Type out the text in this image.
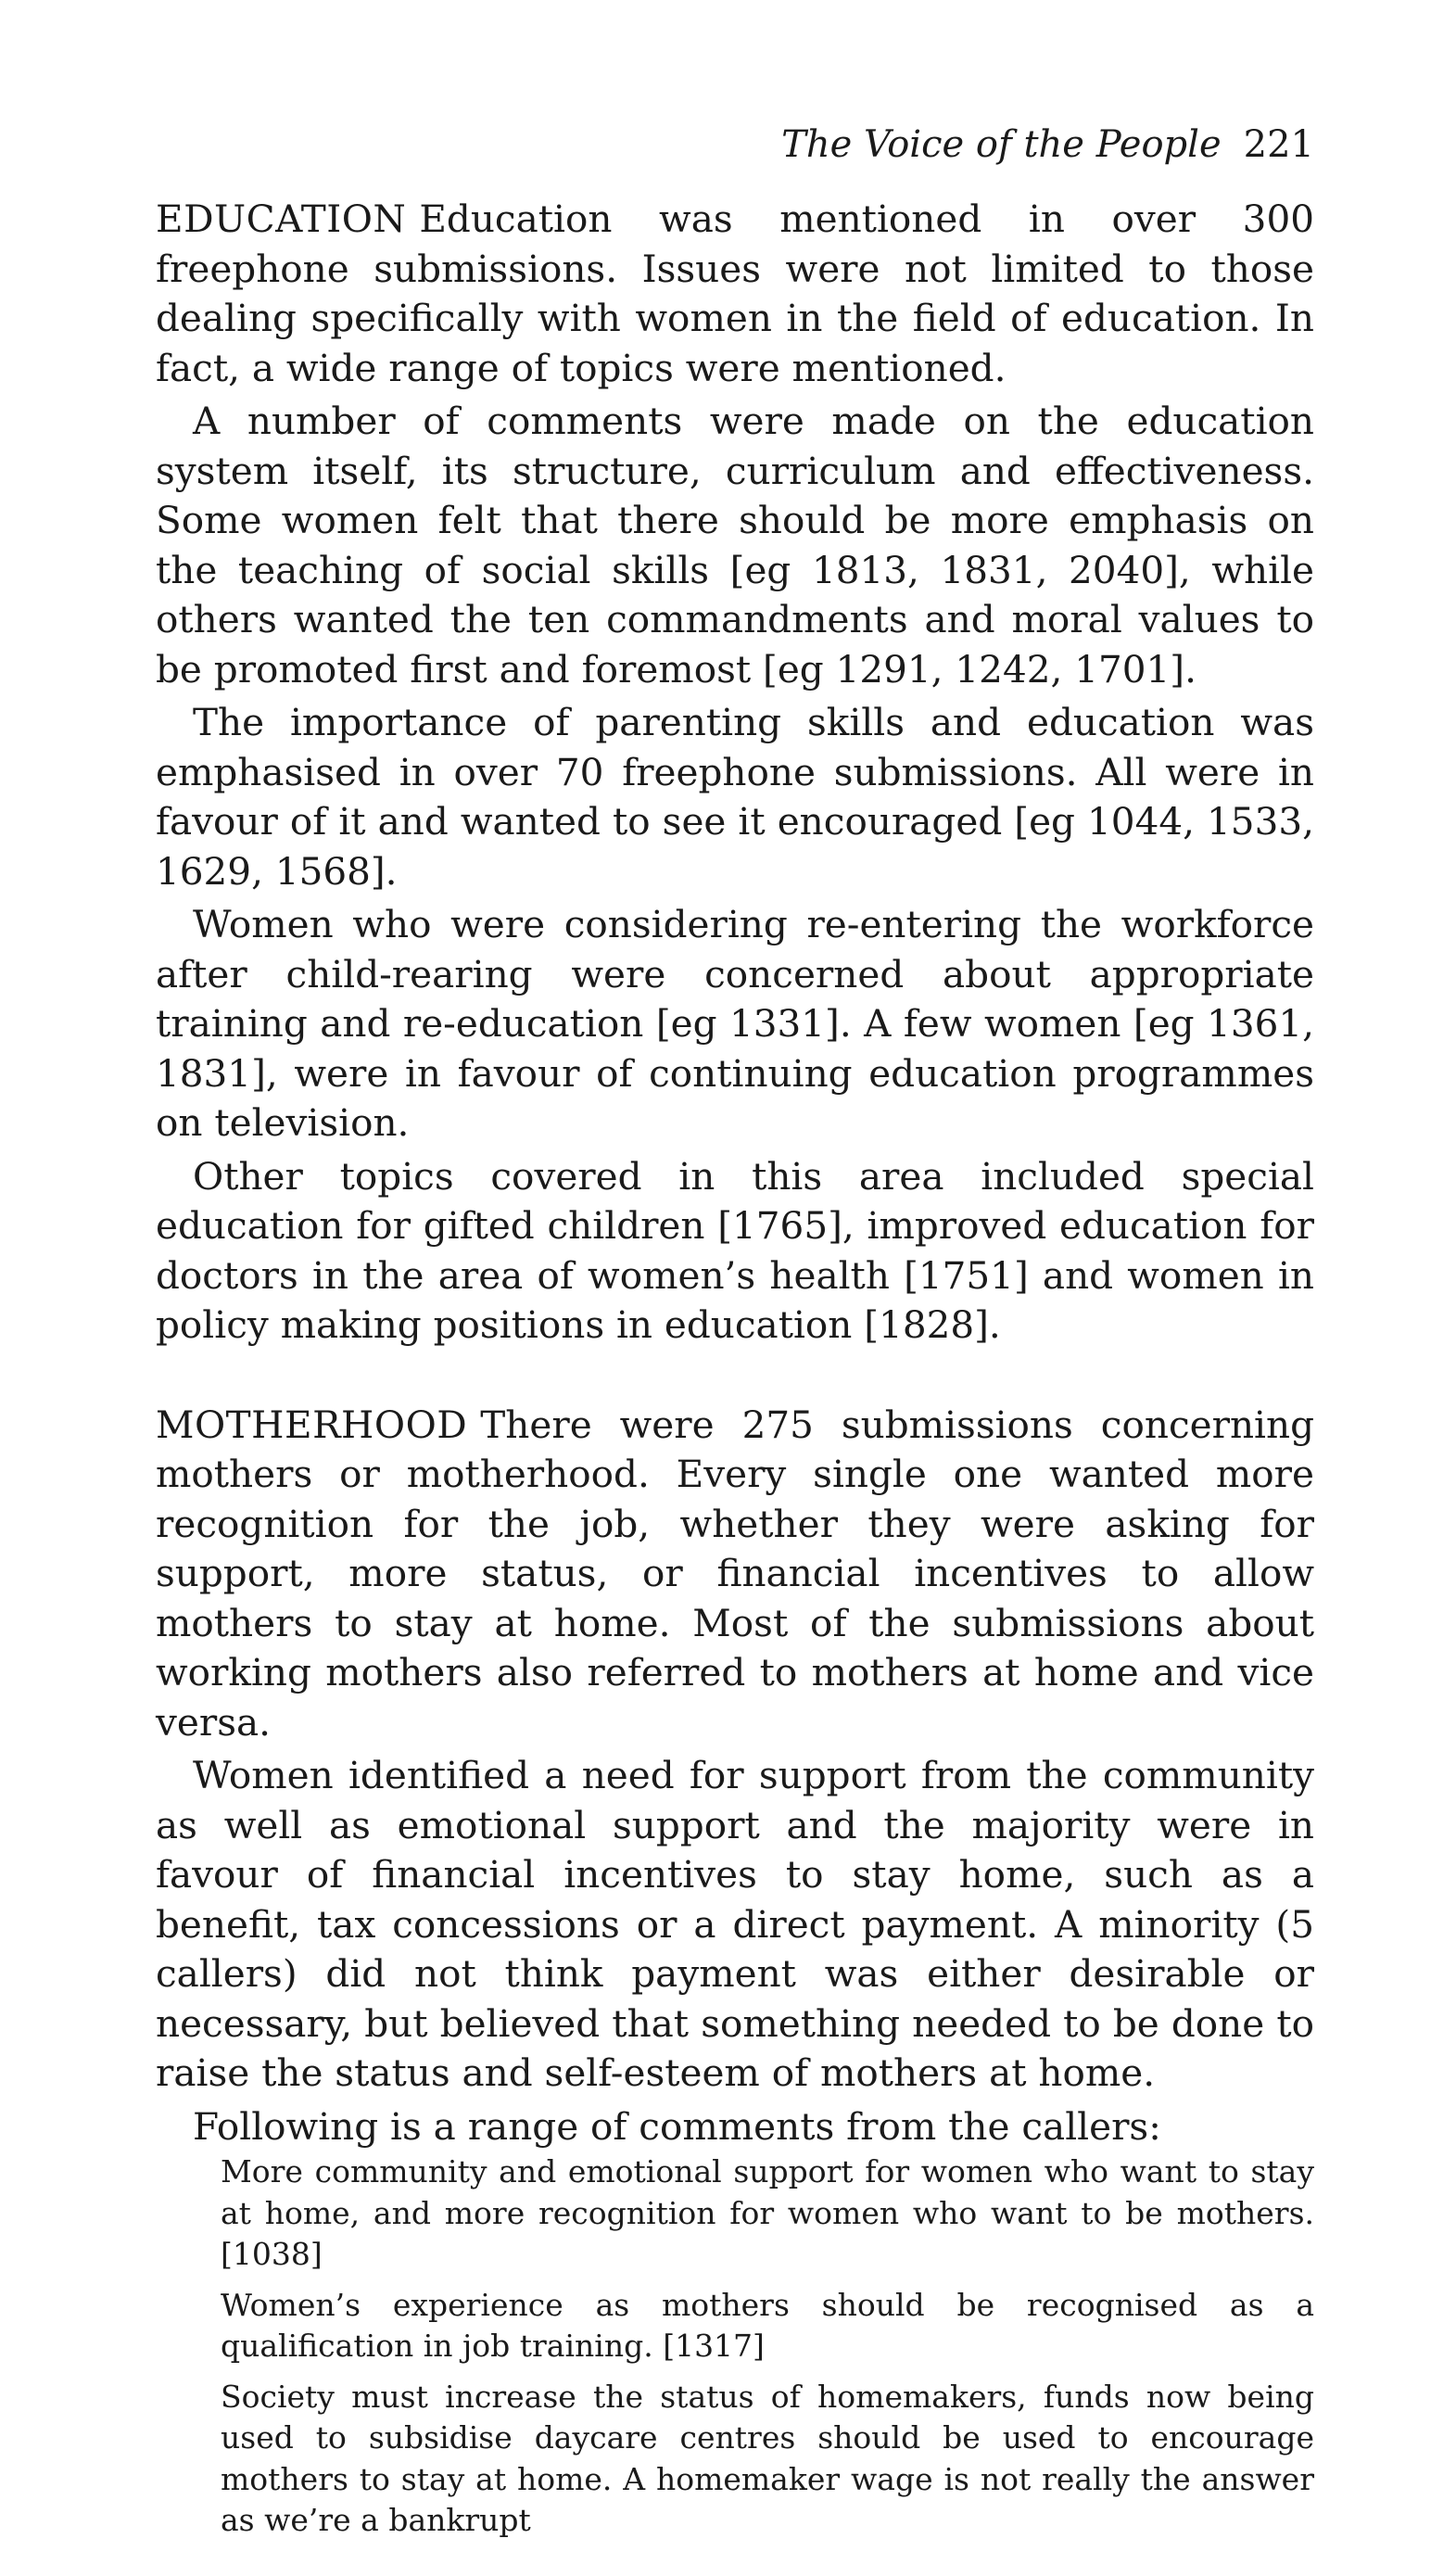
The Voice of the People 221

EDUCATION Education was mentioned in over 300 freephone submissions. Issues were not limited to those dealing specifically with women in the field of education. In fact, a wide range of topics were mentioned.

A number of comments were made on the education system itself, its structure, curriculum and effectiveness. Some women felt that there should be more emphasis on the teaching of social skills [eg 1813, 1831, 2040], while others wanted the ten commandments and moral values to be promoted first and foremost [eg 1291, 1242, 1701].

The importance of parenting skills and education was emphasised in over 70 freephone submissions. All were in favour of it and wanted to see it encouraged [eg 1044, 1533, 1629, 1568].

Women who were considering re-entering the workforce after child-rearing were concerned about appropriate training and re-education [eg 1331]. A few women [eg 1361, 1831], were in favour of continuing education programmes on television.

Other topics covered in this area included special education for gifted children [1765], improved education for doctors in the area of women’s health [1751] and women in policy making positions in education [1828].

MOTHERHOOD There were 275 submissions concerning mothers or motherhood. Every single one wanted more recognition for the job, whether they were asking for support, more status, or financial incentives to allow mothers to stay at home. Most of the submissions about working mothers also referred to mothers at home and vice versa.

Women identified a need for support from the community as well as emotional support and the majority were in favour of financial incentives to stay home, such as a benefit, tax concessions or a direct payment. A minority (5 callers) did not think payment was either desirable or necessary, but believed that something needed to be done to raise the status and self-esteem of mothers at home.

Following is a range of comments from the callers:

More community and emotional support for women who want to stay at home, and more recognition for women who want to be mothers. [1038]

Women’s experience as mothers should be recognised as a qualification in job training. [1317]

Society must increase the status of homemakers, funds now being used to subsidise daycare centres should be used to encourage mothers to stay at home. A homemaker wage is not really the answer as we’re a bankrupt
